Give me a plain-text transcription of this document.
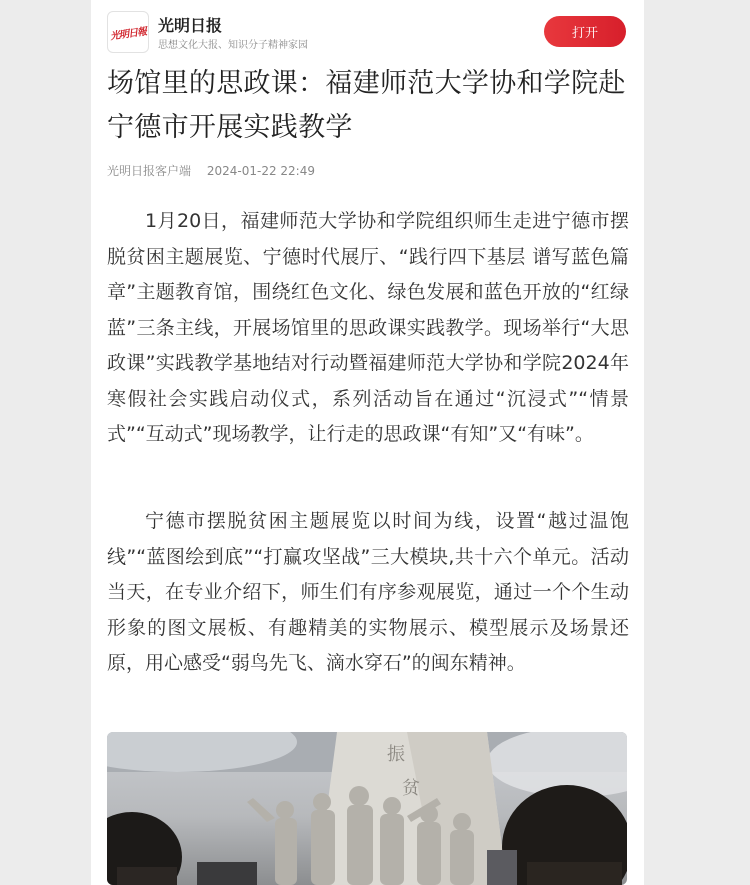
光明日報 光明日报
思想文化大报、知识分子精神家园
打开
场馆里的思政课：福建师范大学协和学院赴宁德市开展实践教学
光明日报客户端 2024-01-22 22:49

1月20日，福建师范大学协和学院组织师生走进宁德市摆脱贫困主题展览、宁德时代展厅、“践行四下基层 谱写蓝色篇章”主题教育馆，围绕红色文化、绿色发展和蓝色开放的“红绿蓝”三条主线，开展场馆里的思政课实践教学。现场举行“大思政课”实践教学基地结对行动暨福建师范大学协和学院2024年寒假社会实践启动仪式，系列活动旨在通过“沉浸式”“情景式”“互动式”现场教学，让行走的思政课“有知”又“有味”。

宁德市摆脱贫困主题展览以时间为线，设置“越过温饱线”“蓝图绘到底”“打赢攻坚战”三大模块,共十六个单元。活动当天，在专业介绍下，师生们有序参观展览，通过一个个生动形象的图文展板、有趣精美的实物展示、模型展示及场景还原，用心感受“弱鸟先飞、滴水穿石”的闽东精神。

振
贫
